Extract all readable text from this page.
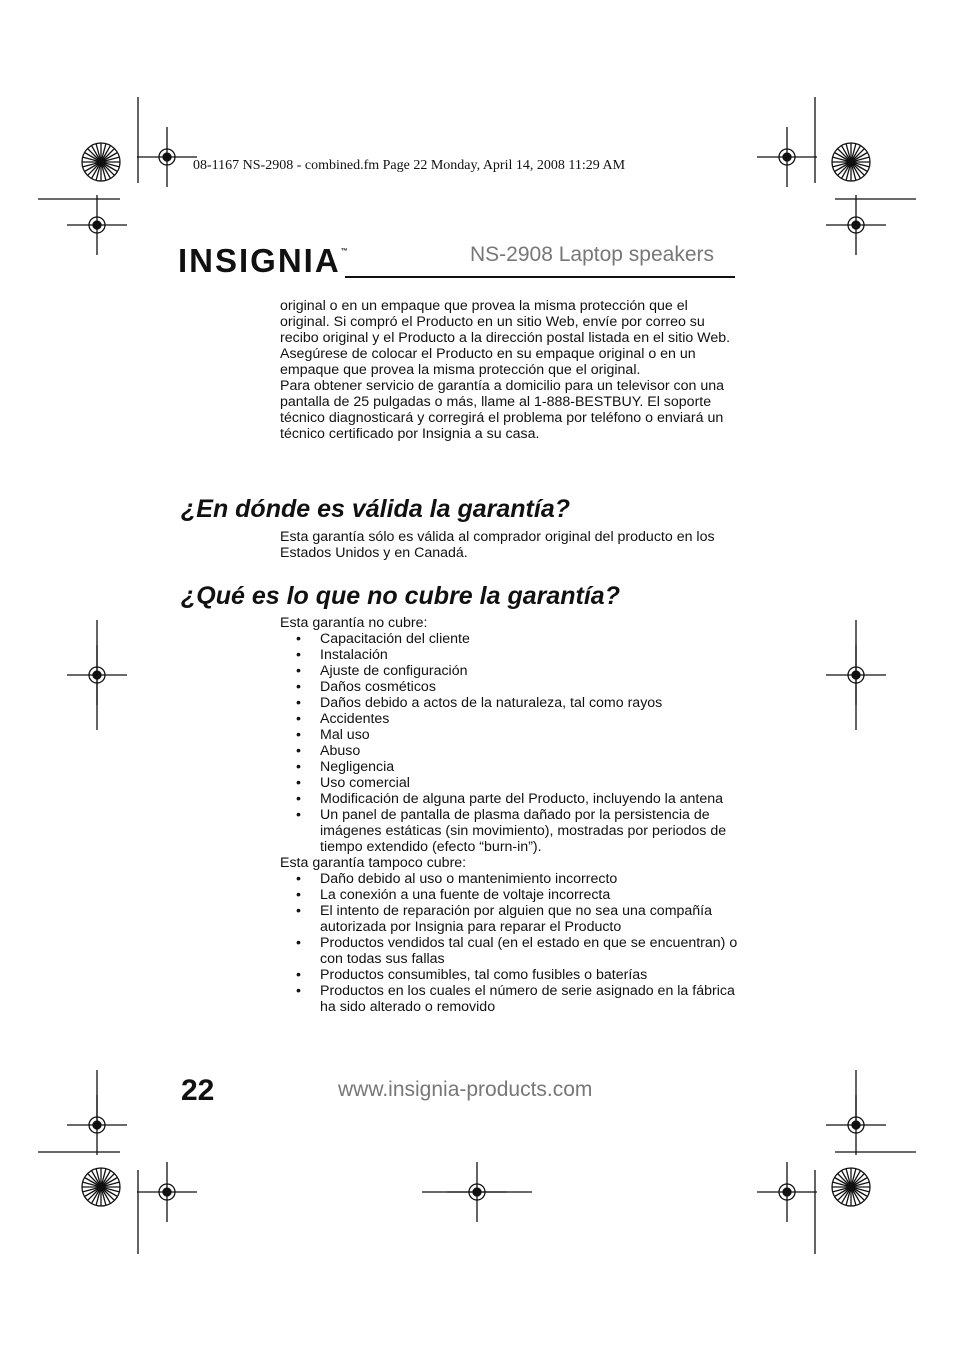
08-1167 NS-2908 - combined.fm Page 22 Monday, April 14, 2008 11:29 AM
INSIGNIA™	NS-2908 Laptop speakers

original o en un empaque que provea la misma protección que el original. Si compró el Producto en un sitio Web, envíe por correo su recibo original y el Producto a la dirección postal listada en el sitio Web. Asegúrese de colocar el Producto en su empaque original o en un empaque que provea la misma protección que el original.

Para obtener servicio de garantía a domicilio para un televisor con una pantalla de 25 pulgadas o más, llame al 1-888-BESTBUY. El soporte técnico diagnosticará y corregirá el problema por teléfono o enviará un técnico certificado por Insignia a su casa.

¿En dónde es válida la garantía?
Esta garantía sólo es válida al comprador original del producto en los Estados Unidos y en Canadá.
¿Qué es lo que no cubre la garantía?

Esta garantía no cubre:

• Capacitación del cliente
• Instalación
• Ajuste de configuración
• Daños cosméticos
• Daños debido a actos de la naturaleza, tal como rayos
• Accidentes
• Mal uso
• Abuso
• Negligencia
• Uso comercial
• Modificación de alguna parte del Producto, incluyendo la antena
• Un panel de pantalla de plasma dañado por la persistencia de imágenes estáticas (sin movimiento), mostradas por periodos de tiempo extendido (efecto “burn-in”).

Esta garantía tampoco cubre:

• Daño debido al uso o mantenimiento incorrecto
• La conexión a una fuente de voltaje incorrecta
• El intento de reparación por alguien que no sea una compañía autorizada por Insignia para reparar el Producto
• Productos vendidos tal cual (en el estado en que se encuentran) o con todas sus fallas
• Productos consumibles, tal como fusibles o baterías
• Productos en los cuales el número de serie asignado en la fábrica ha sido alterado o removido
22	www.insignia-products.com
